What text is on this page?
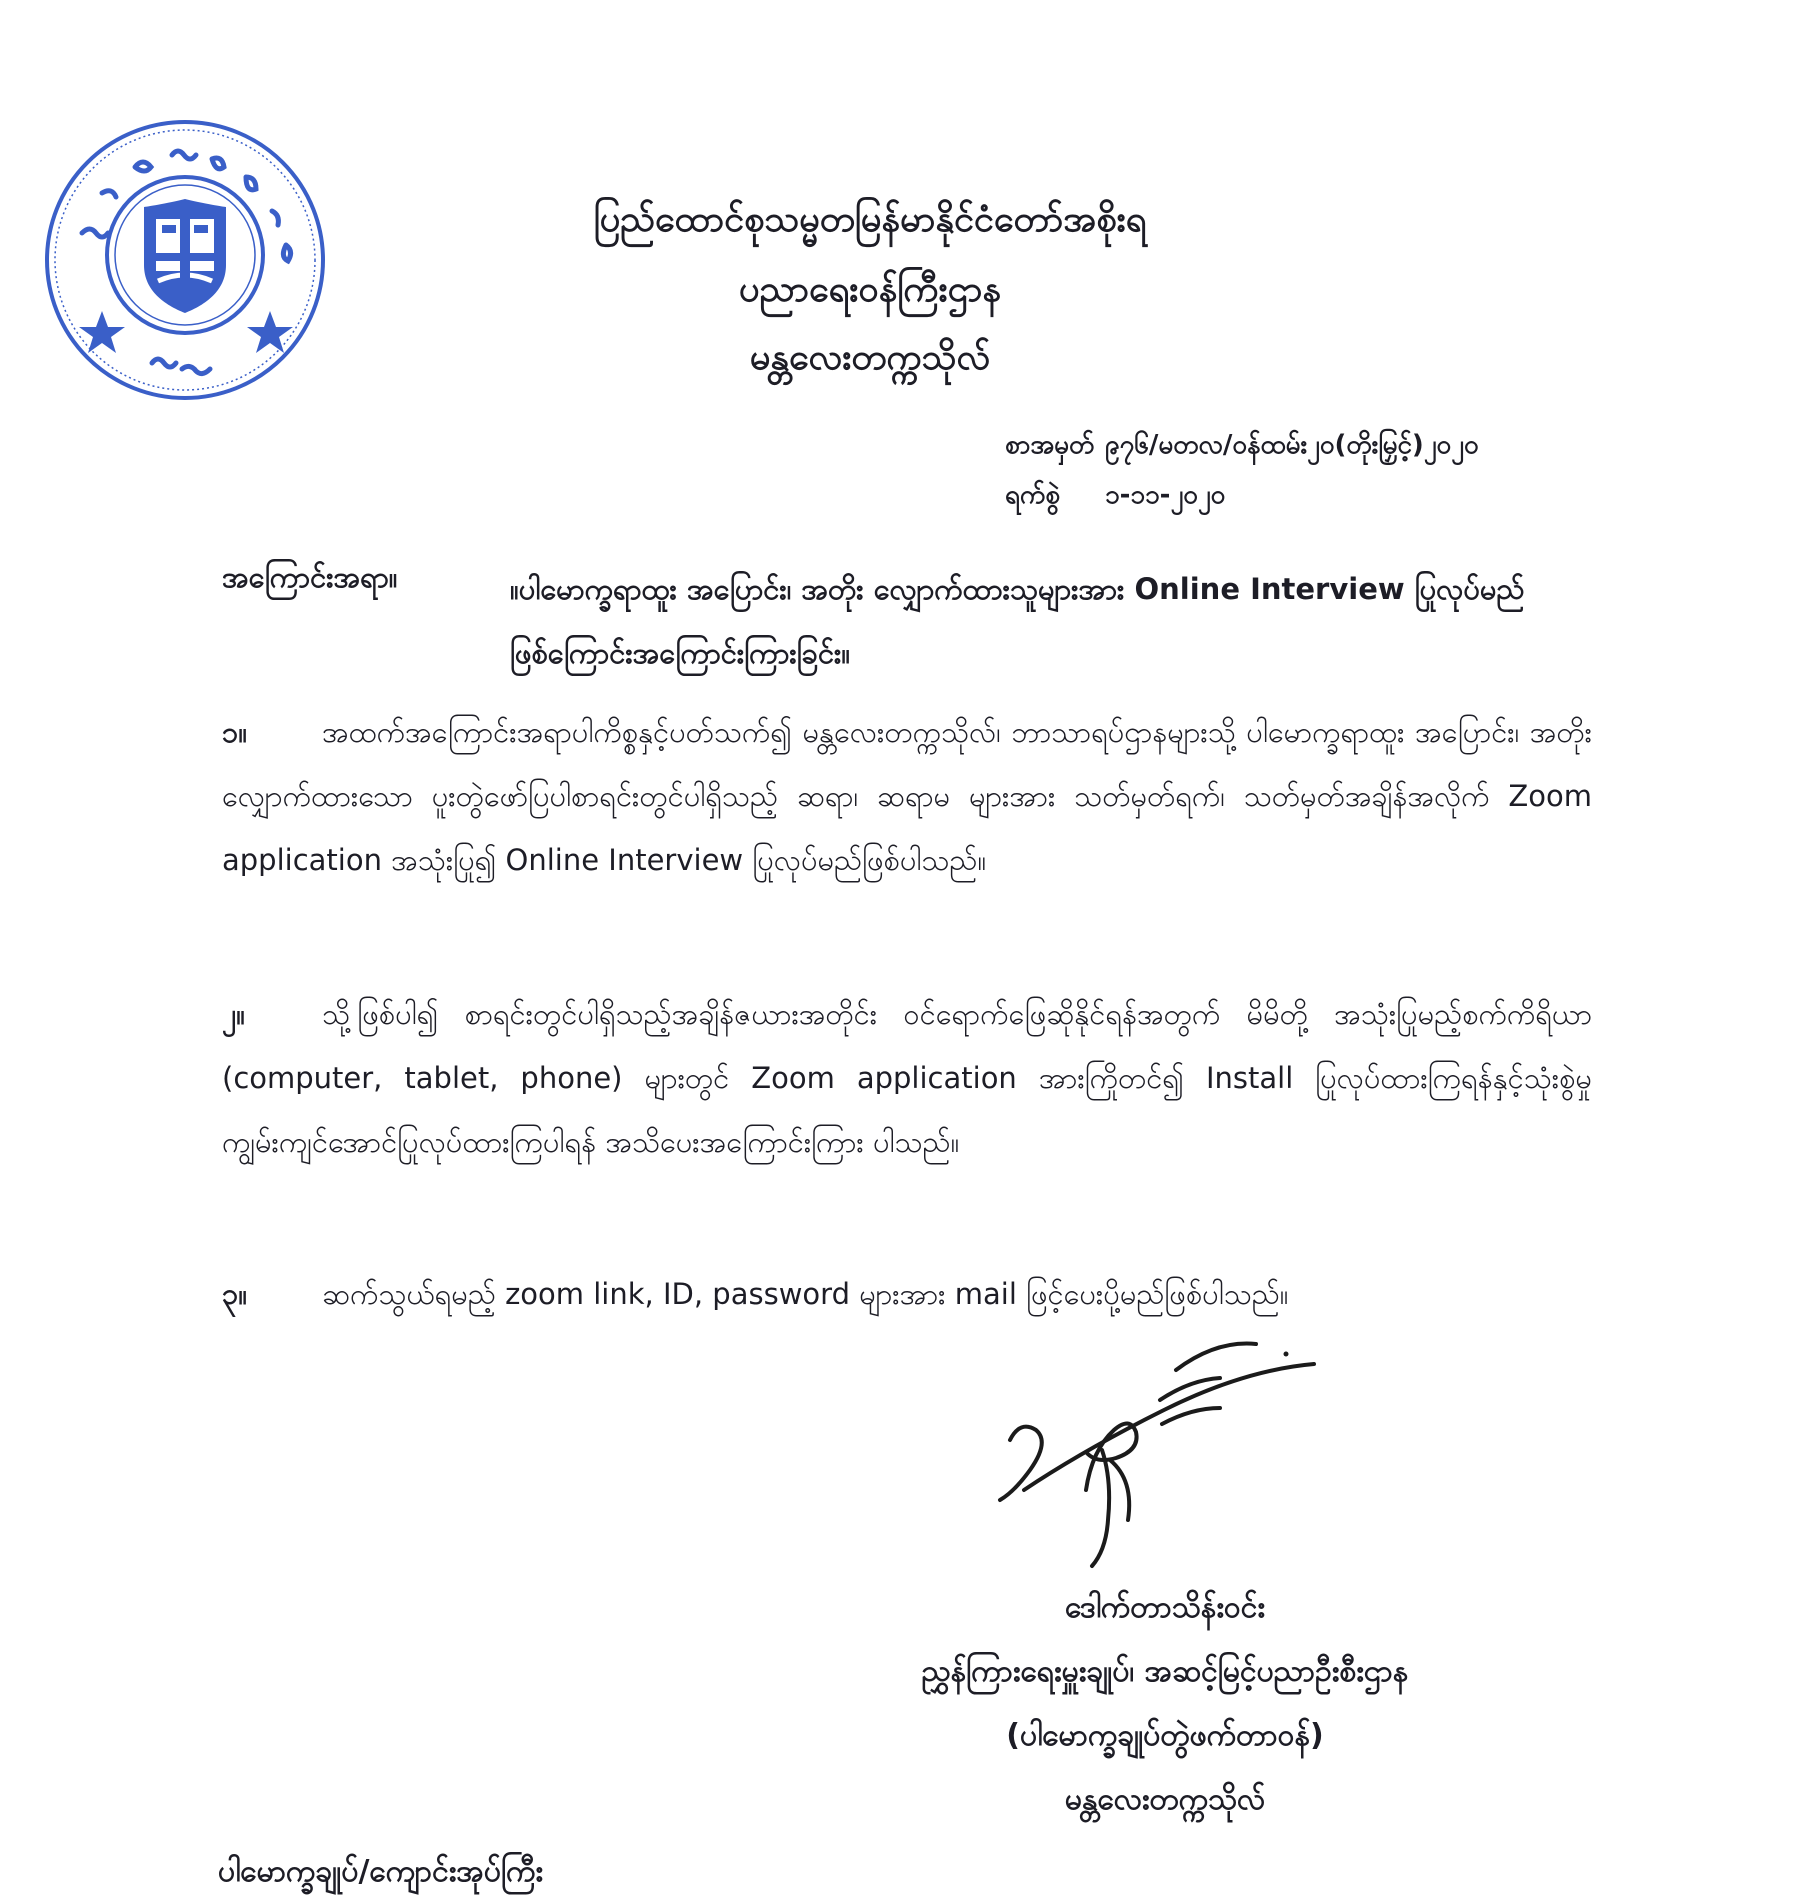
ပြည်ထောင်စုသမ္မတမြန်မာနိုင်ငံတော်အစိုးရ
ပညာရေးဝန်ကြီးဌာန
မန္တလေးတက္ကသိုလ်
စာအမှတ် ၉၇၆/မတလ/ဝန်ထမ်း၂၀(တိုးမြှင့်)၂၀၂၀
ရက်စွဲ ၁-၁၁-၂၀၂၀
အကြောင်းအရာ။	။ပါမောက္ခရာထူး အပြောင်း၊ အတိုး လျှောက်ထားသူများအား Online Interview ပြုလုပ်မည်ဖြစ်ကြောင်းအကြောင်းကြားခြင်း။
၁။	အထက်အကြောင်းအရာပါကိစ္စနှင့်ပတ်သက်၍ မန္တလေးတက္ကသိုလ်၊ ဘာသာရပ်ဌာနများသို့ ပါမောက္ခရာထူး အပြောင်း၊ အတိုးလျှောက်ထားသော ပူးတွဲဖော်ပြပါစာရင်းတွင်ပါရှိသည့် ဆရာ၊ ဆရာမ များအား သတ်မှတ်ရက်၊ သတ်မှတ်အချိန်အလိုက် Zoom application အသုံးပြု၍ Online Interview ပြုလုပ်မည်ဖြစ်ပါသည်။
၂။	သို့ဖြစ်ပါ၍ စာရင်းတွင်ပါရှိသည့်အချိန်ဇယားအတိုင်း ဝင်ရောက်ဖြေဆိုနိုင်ရန်အတွက် မိမိတို့ အသုံးပြုမည့်စက်ကိရိယာ (computer, tablet, phone) များတွင် Zoom application အားကြိုတင်၍ Install ပြုလုပ်ထားကြရန်နှင့်သုံးစွဲမှု ကျွမ်းကျင်အောင်ပြုလုပ်ထားကြပါရန် အသိပေးအကြောင်းကြား ပါသည်။
၃။	ဆက်သွယ်ရမည့် zoom link, ID, password များအား mail ဖြင့်ပေးပို့မည်ဖြစ်ပါသည်။
ဒေါက်တာသိန်းဝင်း
ညွှန်ကြားရေးမှူးချုပ်၊ အဆင့်မြင့်ပညာဦးစီးဌာန
(ပါမောက္ခချုပ်တွဲဖက်တာဝန်)
မန္တလေးတက္ကသိုလ်
ပါမောက္ခချုပ်/ကျောင်းအုပ်ကြီး
